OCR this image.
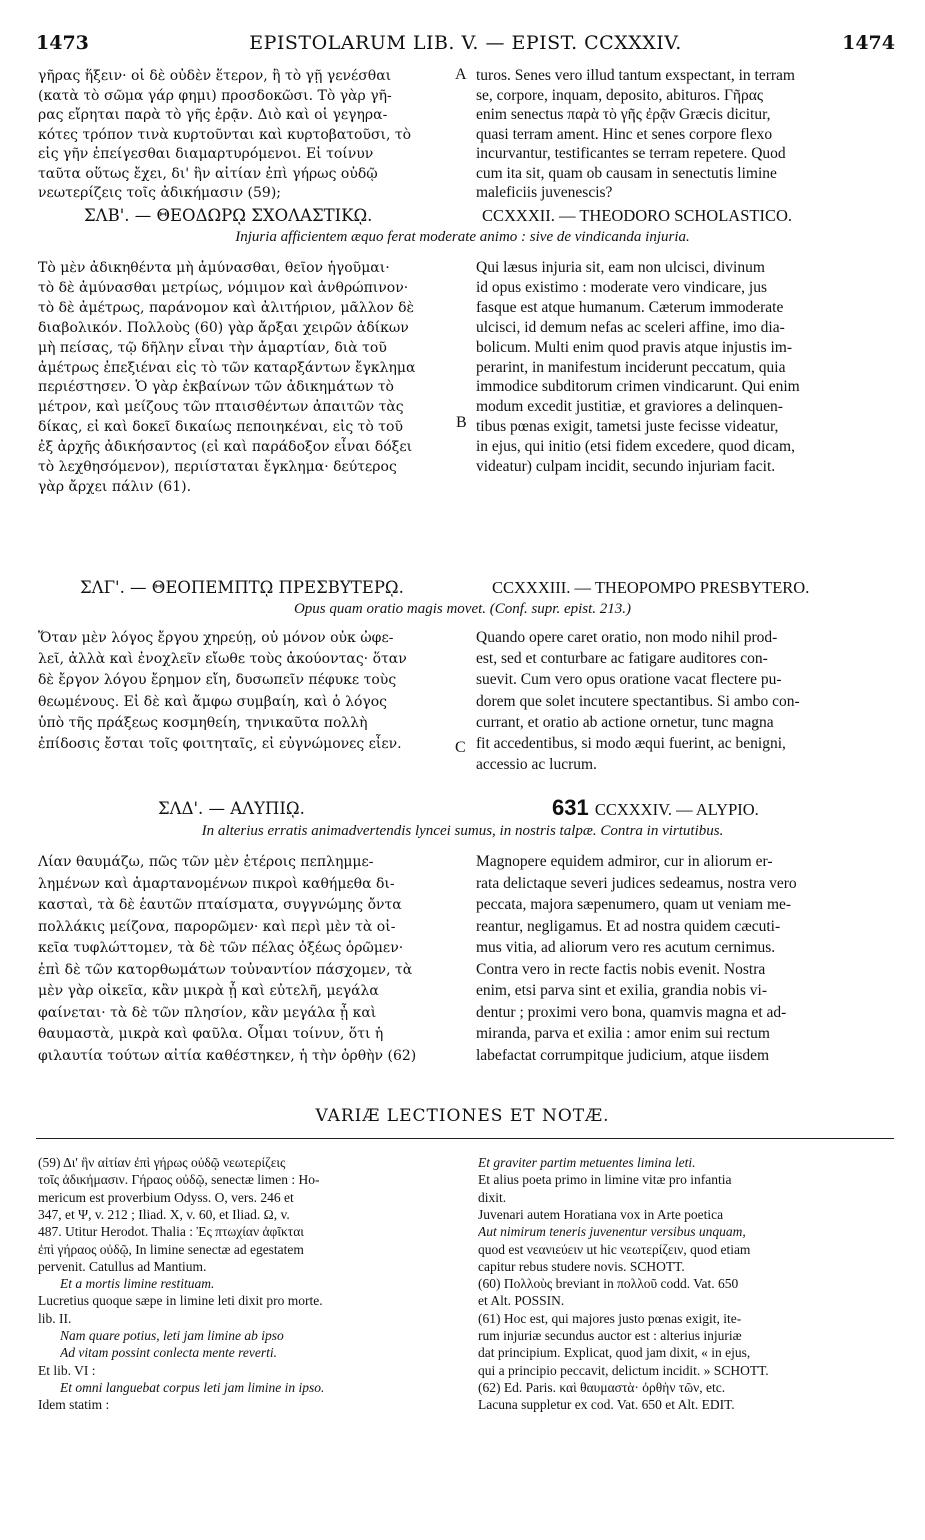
1473	EPISTOLARUM LIB. V. — EPIST. CCXXXIV.	1474
γῆρας ἥξειν· οἱ δὲ οὐδὲν ἕτερον, ἢ τὸ γῇ γενέσθαι
(κατὰ τὸ σῶμα γάρ φημι) προσδοκῶσι. Τὸ γὰρ γῆ-
ρας εἴρηται παρὰ τὸ γῆς ἐρᾷν. Διὸ καὶ οἱ γεγηρα-
κότες τρόπον τινὰ κυρτοῦνται καὶ κυρτοβατοῦσι, τὸ
εἰς γῆν ἐπείγεσθαι διαμαρτυρόμενοι. Εἰ τοίνυν
ταῦτα οὕτως ἔχει, δι' ἣν αἰτίαν ἐπὶ γήρως οὐδῷ
νεωτερίζεις τοῖς ἀδικήμασιν (59);
turos. Senes vero illud tantum exspectant, in terram
se, corpore, inquam, deposito, abituros. Γῆρας
enim senectus παρὰ τὸ γῆς ἐρᾷν Græcis dicitur,
quasi terram ament. Hinc et senes corpore flexo
incurvantur, testificantes se terram repetere. Quod
cum ita sit, quam ob causam in senectutis limine
maleficiis juvenescis?
ΣΛΒ'. — ΘΕΟΔΩΡῼ ΣΧΟΛΑΣΤΙΚῼ.	CCXXXII. — THEODORO SCHOLASTICO.
Injuria afficientem æquo ferat moderate animo : sive de vindicanda injuria.
Τὸ μὲν ἀδικηθέντα μὴ ἀμύνασθαι, θεῖον ἡγοῦμαι·
τὸ δὲ ἀμύνασθαι μετρίως, νόμιμον καὶ ἀνθρώπινον·
τὸ δὲ ἀμέτρως, παράνομον καὶ ἀλιτήριον, μᾶλλον δὲ
διαβολικόν. Πολλοὺς (60) γὰρ ἄρξαι χειρῶν ἀδίκων
μὴ πείσας, τῷ δῆλην εἶναι τὴν ἁμαρτίαν, διὰ τοῦ
ἀμέτρως ἐπεξιέναι εἰς τὸ τῶν καταρξάντων ἔγκλημα
περιέστησεν. Ὁ γὰρ ἐκβαίνων τῶν ἀδικημάτων τὸ
μέτρον, καὶ μείζους τῶν πταισθέντων ἀπαιτῶν τὰς
δίκας, εἰ καὶ δοκεῖ δικαίως πεποιηκέναι, εἰς τὸ τοῦ
ἐξ ἀρχῆς ἀδικήσαντος (εἰ καὶ παράδοξον εἶναι δόξει
τὸ λεχθησόμενον), περιίσταται ἔγκλημα· δεύτερος
γὰρ ἄρχει πάλιν (61).
Qui læsus injuria sit, eam non ulcisci, divinum
id opus existimo : moderate vero vindicare, jus
fasque est atque humanum. Cæterum immoderate
ulcisci, id demum nefas ac sceleri affine, imo dia-
bolicum. Multi enim quod pravis atque injustis im-
perarint, in manifestum inciderunt peccatum, quia
immodice subditorum crimen vindicarunt. Qui enim
modum excedit justitiæ, et graviores a delinquen-
tibus pœnas exigit, tametsi juste fecisse videatur,
in ejus, qui initio (etsi fidem excedere, quod dicam,
videatur) culpam incidit, secundo injuriam facit.
ΣΛΓ'. — ΘΕΟΠΕΜΠΤῼ ΠΡΕΣΒΥΤΕΡῼ.	CCXXXIII. — THEOPOMPO PRESBYTERO.
Opus quam oratio magis movet. (Conf. supr. epist. 213.)
Ὅταν μὲν λόγος ἔργου χηρεύῃ, οὐ μόνον οὐκ ὠφε-
λεῖ, ἀλλὰ καὶ ἐνοχλεῖν εἴωθε τοὺς ἀκούοντας· ὅταν
δὲ ἔργον λόγου ἔρημον εἴη, δυσωπεῖν πέφυκε τοὺς
θεωμένους. Εἰ δὲ καὶ ἄμφω συμβαίη, καὶ ὁ λόγος
ὑπὸ τῆς πράξεως κοσμηθείη, τηνικαῦτα πολλὴ
ἐπίδοσις ἔσται τοῖς φοιτηταῖς, εἰ εὐγνώμονες εἶεν.
Quando opere caret oratio, non modo nihil prod-
est, sed et conturbare ac fatigare auditores con-
suevit. Cum vero opus oratione vacat flectere pu-
dorem que solet incutere spectantibus. Si ambo con-
currant, et oratio ab actione ornetur, tunc magna
fit accedentibus, si modo æqui fuerint, ac benigni,
accessio ac lucrum.
ΣΛΔ'. — ΑΛΥΠΙῼ.	631 CCXXXIV. — ALYPIO.
In alterius erratis animadvertendis lyncei sumus, in nostris talpæ. Contra in virtutibus.
Λίαν θαυμάζω, πῶς τῶν μὲν ἑτέροις πεπλημμε-
λημένων καὶ ἁμαρτανομένων πικροὶ καθήμεθα δι-
κασταὶ, τὰ δὲ ἑαυτῶν πταίσματα, συγγνώμης ὄντα
πολλάκις μείζονα, παρορῶμεν· καὶ περὶ μὲν τὰ οἰ-
κεῖα τυφλώττομεν, τὰ δὲ τῶν πέλας ὀξέως ὁρῶμεν·
ἐπὶ δὲ τῶν κατορθωμάτων τοὐναντίον πάσχομεν, τὰ
μὲν γὰρ οἰκεῖα, κἂν μικρὰ ᾖ καὶ εὐτελῆ, μεγάλα
φαίνεται· τὰ δὲ τῶν πλησίον, κἂν μεγάλα ᾖ καὶ
θαυμαστὰ, μικρὰ καὶ φαῦλα. Οἶμαι τοίνυν, ὅτι ἡ
φιλαυτία τούτων αἰτία καθέστηκεν, ἡ τὴν ὀρθὴν (62)
Magnopere equidem admiror, cur in aliorum er-
rata delictaque severi judices sedeamus, nostra vero
peccata, majora sæpenumero, quam ut veniam me-
reantur, negligamus. Et ad nostra quidem cæcuti-
mus vitia, ad aliorum vero res acutum cernimus.
Contra vero in recte factis nobis evenit. Nostra
enim, etsi parva sint et exilia, grandia nobis vi-
dentur ; proximi vero bona, quamvis magna et ad-
miranda, parva et exilia : amor enim sui rectum
labefactat corrumpitque judicium, atque iisdem
A
B
C
VARIÆ LECTIONES ET NOTÆ.
(59) Δι' ἣν αἰτίαν ἐπὶ γήρως οὐδῷ νεωτερίζεις
τοῖς ἀδικήμασιν. Γήραος οὐδῷ, senectæ limen : Ho-
mericum est proverbium Odyss. O, vers. 246 et
347, et Ψ, v. 212 ; Iliad. X, v. 60, et Iliad. Ω, v.
487. Utitur Herodot. Thalia : Ἐς πτωχίαν ἀφῖκται
ἐπὶ γήραος οὐδῷ, In limine senectæ ad egestatem
pervenit. Catullus ad Mantium.
Et a mortis limine restituam.
Lucretius quoque sæpe in limine leti dixit pro morte.
lib. II.
Nam quare potius, leti jam limine ab ipso
Ad vitam possint conlecta mente reverti.
Et lib. VI :
Et omni languebat corpus leti jam limine in ipso.
Idem statim :
Et graviter partim metuentes limina leti.
Et alius poeta primo in limine vitæ pro infantia
dixit.
Juvenari autem Horatiana vox in Arte poetica
Aut nimirum teneris juvenentur versibus unquam,
quod est νεανιεύειν ut hic νεωτερίζειν, quod etiam
capitur rebus studere novis. SCHOTT.
(60) Πολλοὺς breviant in πολλοῦ codd. Vat. 650
et Alt. POSSIN.
(61) Hoc est, qui majores justo pœnas exigit, ite-
rum injuriæ secundus auctor est : alterius injuriæ
dat principium. Explicat, quod jam dixit, « in ejus,
qui a principio peccavit, delictum incidit. » SCHOTT.
(62) Ed. Paris. καὶ θαυμαστὰ· ὀρθὴν τῶν, etc.
Lacuna suppletur ex cod. Vat. 650 et Alt. EDIT.
